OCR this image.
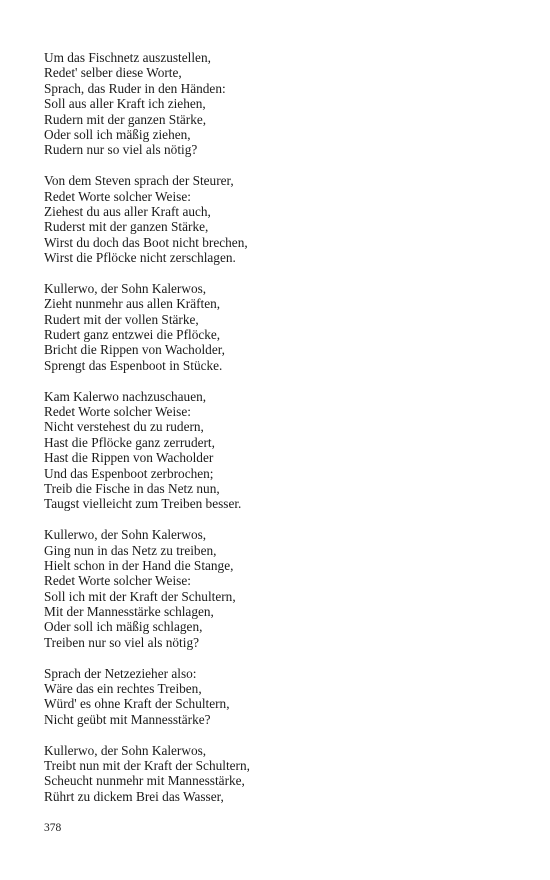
Um das Fischnetz auszustellen,
Redet' selber diese Worte,
Sprach, das Ruder in den Händen:
Soll aus aller Kraft ich ziehen,
Rudern mit der ganzen Stärke,
Oder soll ich mäßig ziehen,
Rudern nur so viel als nötig?
Von dem Steven sprach der Steurer,
Redet Worte solcher Weise:
Ziehest du aus aller Kraft auch,
Ruderst mit der ganzen Stärke,
Wirst du doch das Boot nicht brechen,
Wirst die Pflöcke nicht zerschlagen.
Kullerwo, der Sohn Kalerwos,
Zieht nunmehr aus allen Kräften,
Rudert mit der vollen Stärke,
Rudert ganz entzwei die Pflöcke,
Bricht die Rippen von Wacholder,
Sprengt das Espenboot in Stücke.
Kam Kalerwo nachzuschauen,
Redet Worte solcher Weise:
Nicht verstehest du zu rudern,
Hast die Pflöcke ganz zerrudert,
Hast die Rippen von Wacholder
Und das Espenboot zerbrochen;
Treib die Fische in das Netz nun,
Taugst vielleicht zum Treiben besser.
Kullerwo, der Sohn Kalerwos,
Ging nun in das Netz zu treiben,
Hielt schon in der Hand die Stange,
Redet Worte solcher Weise:
Soll ich mit der Kraft der Schultern,
Mit der Mannesstärke schlagen,
Oder soll ich mäßig schlagen,
Treiben nur so viel als nötig?
Sprach der Netzezieher also:
Wäre das ein rechtes Treiben,
Würd' es ohne Kraft der Schultern,
Nicht geübt mit Mannesstärke?
Kullerwo, der Sohn Kalerwos,
Treibt nun mit der Kraft der Schultern,
Scheucht nunmehr mit Mannesstärke,
Rührt zu dickem Brei das Wasser,
378
